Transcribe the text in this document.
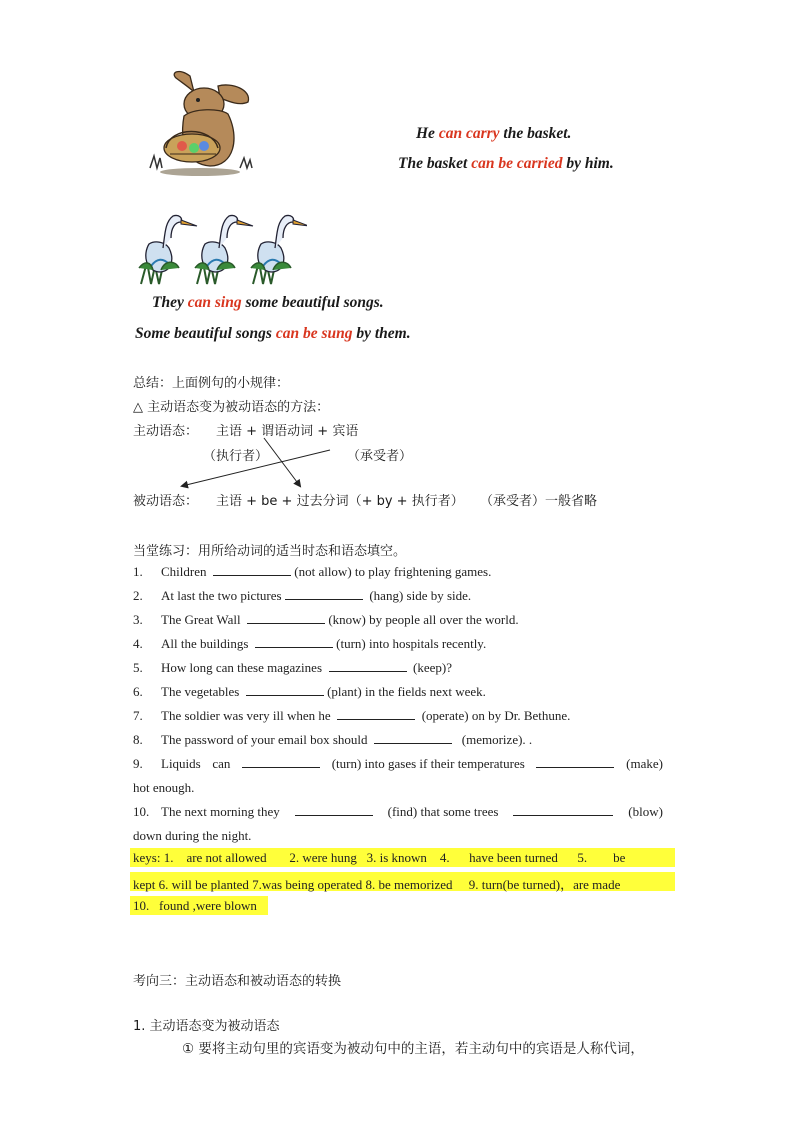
He can carry the basket.
The basket can be carried by him.
They can sing some beautiful songs.
Some beautiful songs can be sung by them.
总结：上面例句的小规律：
△ 主动语态变为被动语态的方法：
主动语态： 主语 + 谓语动词 + 宾语
（执行者）	（承受者）
被动语态： 主语 + be + 过去分词（+ by + 执行者） （承受者）一般省略
当堂练习：用所给动词的适当时态和语态填空。
1. Children	(not allow) to play frightening games.
2. At last the two pictures	(hang) side by side.
3. The Great Wall	(know) by people all over the world.
4. All the buildings	(turn) into hospitals recently.
5. How long can these magazines	(keep)?
6. The vegetables	(plant) in the fields next week.
7. The soldier was very ill when he	(operate) on by Dr. Bethune.
8. The password of your email box should	(memorize). .
9. Liquids can	(turn) into gases if their temperatures	(make)
hot enough.
10. The next morning they	(find) that some trees	(blow)
down during the night.
keys: 1.    are not allowed       2. were hung   3. is known    4.      have been turned      5.        be
kept 6. will be planted 7.was being operated 8. be memorized     9. turn(be turned)，are made
10.   found ,were blown
考向三：主动语态和被动语态的转换
1. 主动语态变为被动语态
① 要将主动句里的宾语变为被动句中的主语，若主动句中的宾语是人称代词，
